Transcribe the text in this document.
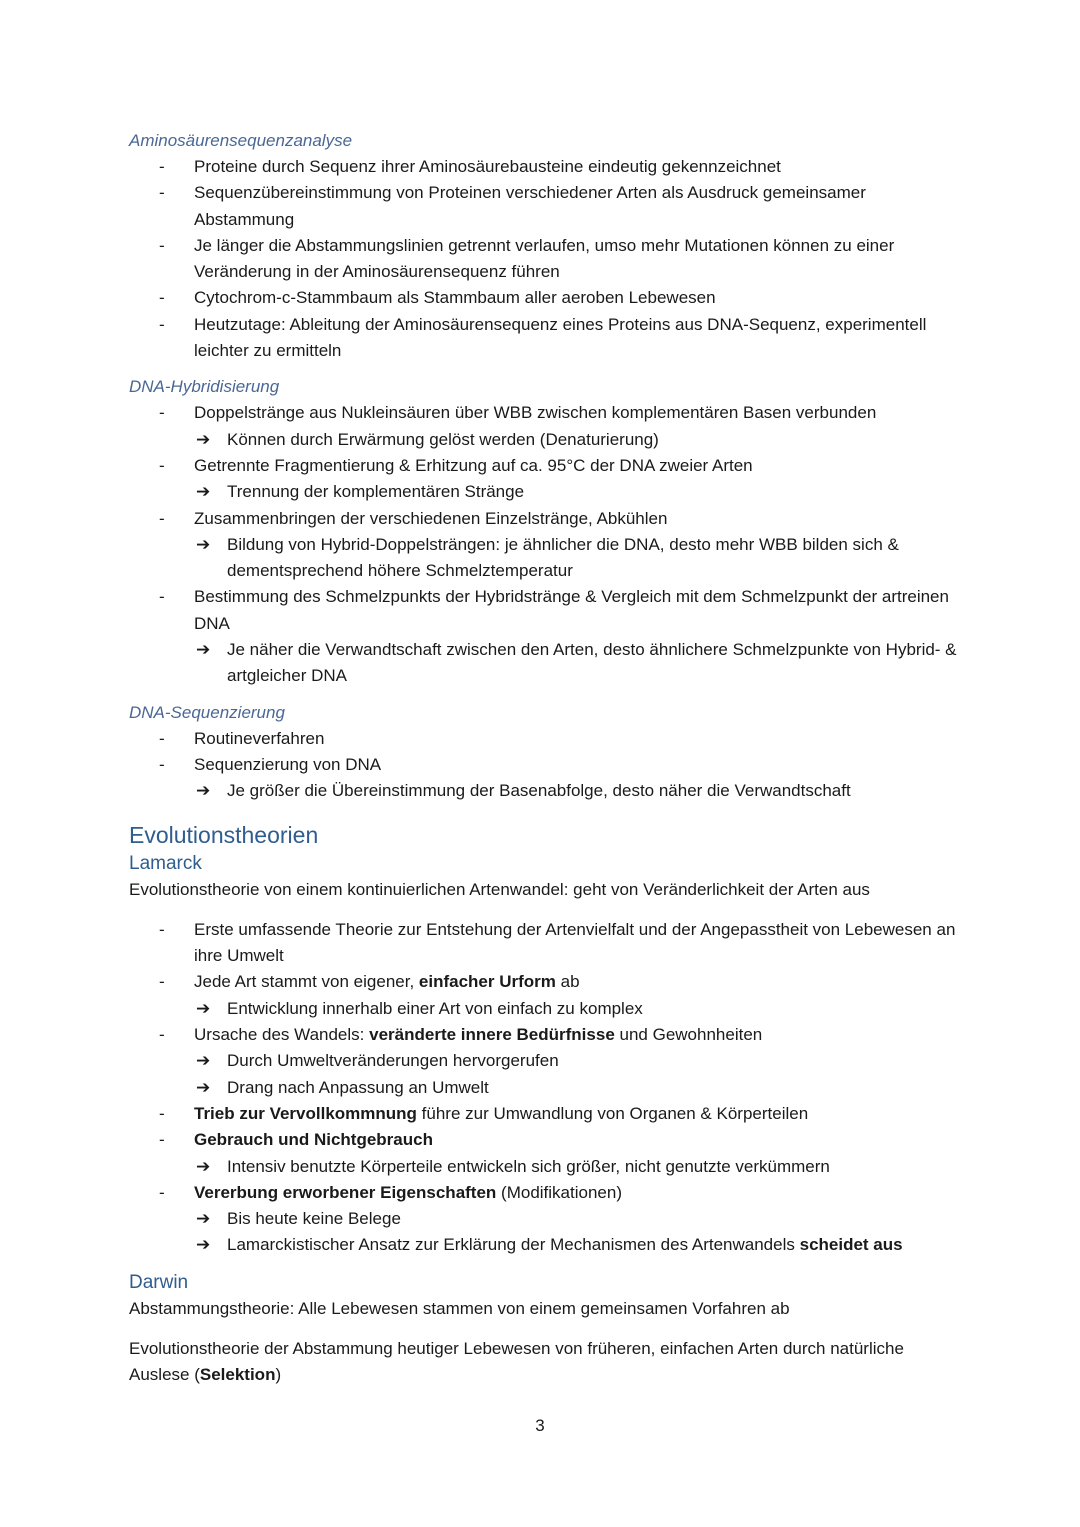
Aminosäurensequenzanalyse

- Proteine durch Sequenz ihrer Aminosäurebausteine eindeutig gekennzeichnet
- Sequenzübereinstimmung von Proteinen verschiedener Arten als Ausdruck gemeinsamer Abstammung
- Je länger die Abstammungslinien getrennt verlaufen, umso mehr Mutationen können zu einer Veränderung in der Aminosäurensequenz führen
- Cytochrom-c-Stammbaum als Stammbaum aller aeroben Lebewesen
- Heutzutage: Ableitung der Aminosäurensequenz eines Proteins aus DNA-Sequenz, experimentell leichter zu ermitteln

DNA-Hybridisierung

- Doppelstränge aus Nukleinsäuren über WBB zwischen komplementären Basen verbunden
➔ Können durch Erwärmung gelöst werden (Denaturierung)
- Getrennte Fragmentierung & Erhitzung auf ca. 95°C der DNA zweier Arten
➔ Trennung der komplementären Stränge
- Zusammenbringen der verschiedenen Einzelstränge, Abkühlen
➔ Bildung von Hybrid-Doppelsträngen: je ähnlicher die DNA, desto mehr WBB bilden sich & dementsprechend höhere Schmelztemperatur
- Bestimmung des Schmelzpunkts der Hybridstränge & Vergleich mit dem Schmelzpunkt der artreinen DNA
➔ Je näher die Verwandtschaft zwischen den Arten, desto ähnlichere Schmelzpunkte von Hybrid- & artgleicher DNA

DNA-Sequenzierung

- Routineverfahren
- Sequenzierung von DNA
➔ Je größer die Übereinstimmung der Basenabfolge, desto näher die Verwandtschaft
Evolutionstheorien
Lamarck

Evolutionstheorie von einem kontinuierlichen Artenwandel: geht von Veränderlichkeit der Arten aus

- Erste umfassende Theorie zur Entstehung der Artenvielfalt und der Angepasstheit von Lebewesen an ihre Umwelt
- Jede Art stammt von eigener, einfacher Urform ab
➔ Entwicklung innerhalb einer Art von einfach zu komplex
- Ursache des Wandels: veränderte innere Bedürfnisse und Gewohnheiten
➔ Durch Umweltveränderungen hervorgerufen
➔ Drang nach Anpassung an Umwelt
- Trieb zur Vervollkommnung führe zur Umwandlung von Organen & Körperteilen
- Gebrauch und Nichtgebrauch
➔ Intensiv benutzte Körperteile entwickeln sich größer, nicht genutzte verkümmern
- Vererbung erworbener Eigenschaften (Modifikationen)
➔ Bis heute keine Belege
➔ Lamarckistischer Ansatz zur Erklärung der Mechanismen des Artenwandels scheidet aus
Darwin

Abstammungstheorie: Alle Lebewesen stammen von einem gemeinsamen Vorfahren ab

Evolutionstheorie der Abstammung heutiger Lebewesen von früheren, einfachen Arten durch natürliche Auslese (Selektion)

3
